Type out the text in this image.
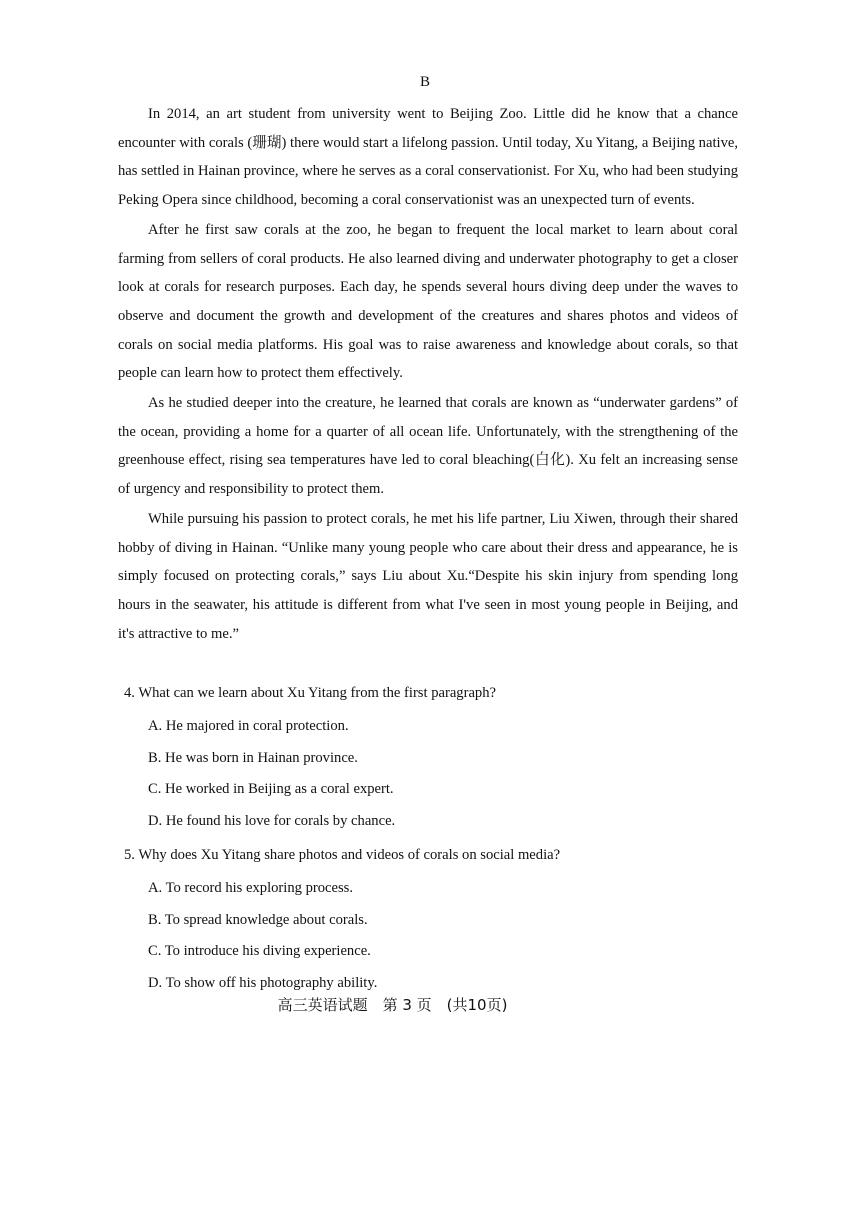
B

In 2014, an art student from university went to Beijing Zoo. Little did he know that a chance encounter with corals (珊瑚) there would start a lifelong passion. Until today, Xu Yitang, a Beijing native, has settled in Hainan province, where he serves as a coral conservationist. For Xu, who had been studying Peking Opera since childhood, becoming a coral conservationist was an unexpected turn of events.

After he first saw corals at the zoo, he began to frequent the local market to learn about coral farming from sellers of coral products. He also learned diving and underwater photography to get a closer look at corals for research purposes. Each day, he spends several hours diving deep under the waves to observe and document the growth and development of the creatures and shares photos and videos of corals on social media platforms. His goal was to raise awareness and knowledge about corals, so that people can learn how to protect them effectively.

As he studied deeper into the creature, he learned that corals are known as “underwater gardens” of the ocean, providing a home for a quarter of all ocean life. Unfortunately, with the strengthening of the greenhouse effect, rising sea temperatures have led to coral bleaching(白化). Xu felt an increasing sense of urgency and responsibility to protect them.

While pursuing his passion to protect corals, he met his life partner, Liu Xiwen, through their shared hobby of diving in Hainan. “Unlike many young people who care about their dress and appearance, he is simply focused on protecting corals,” says Liu about Xu.“Despite his skin injury from spending long hours in the seawater, his attitude is different from what I've seen in most young people in Beijing, and it's attractive to me.”

4. What can we learn about Xu Yitang from the first paragraph?
A. He majored in coral protection.
B. He was born in Hainan province.
C. He worked in Beijing as a coral expert.
D. He found his love for corals by chance.
5. Why does Xu Yitang share photos and videos of corals on social media?
A. To record his exploring process.
B. To spread knowledge about corals.
C. To introduce his diving experience.
D. To show off his photography ability.
高三英语试题　第 3 页　(共10页)
